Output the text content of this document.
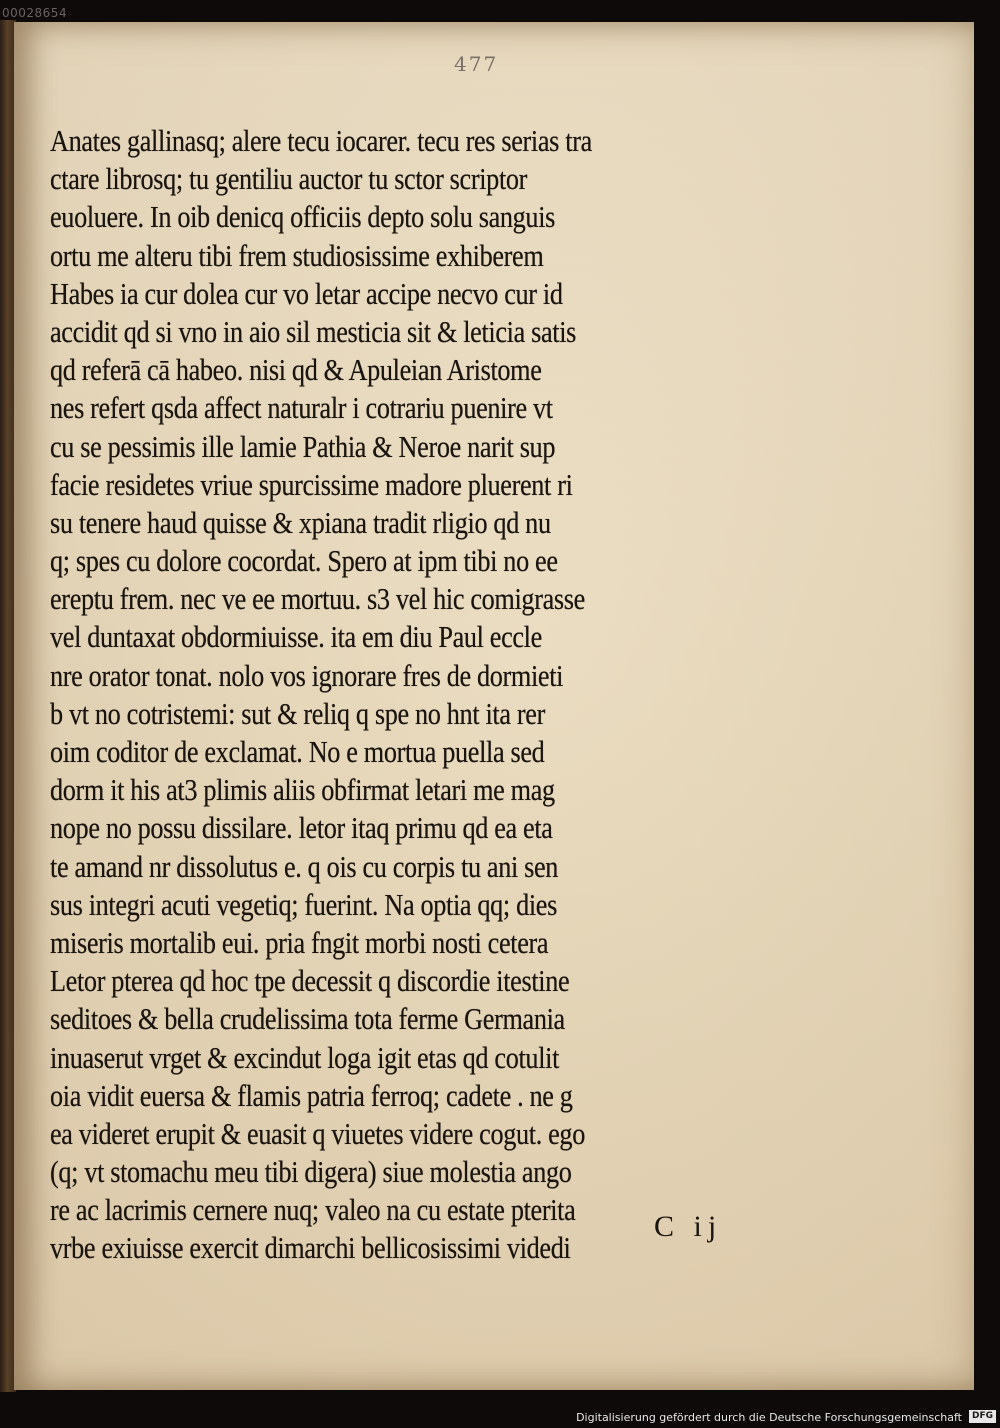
00028654
477
Anates gallinasq; alere tecu iocarer. tecu res serias tra
ctare librosq; tu gentiliu auctor tu sctor scriptor
euoluere. In oib denicq officiis depto solu sanguis
ortu me alteru tibi frem studiosissime exhiberem
Habes ia cur dolea cur vo letar accipe necvo cur id
accidit qd si vno in aio sil mesticia sit & leticia satis
qd referā cā habeo. nisi qd & Apuleian Aristome
nes refert qsda affect naturalr i cotrariu puenire vt
cu se pessimis ille lamie Pathia & Neroe narit sup
facie residetes vriue spurcissime madore pluerent ri
su tenere haud quisse & xpiana tradit rligio qd nu
q; spes cu dolore cocordat. Spero at ipm tibi no ee
ereptu frem. nec ve ee mortuu. s3 vel hic comigrasse
vel duntaxat obdormiuisse. ita em diu Paul eccle
nre orator tonat. nolo vos ignorare fres de dormieti
b vt no cotristemi: sut & reliq q spe no hnt ita rer
oim coditor de exclamat. No e mortua puella sed
dorm it his at3 plimis aliis obfirmat letari me mag
nope no possu dissilare. letor itaq primu qd ea eta
te amand nr dissolutus e. q ois cu corpis tu ani sen
sus integri acuti vegetiq; fuerint. Na optia qq; dies
miseris mortalib eui. pria fngit morbi nosti cetera
Letor pterea qd hoc tpe decessit q discordie itestine
seditoes & bella crudelissima tota ferme Germania
inuaserut vrget & excindut loga igit etas qd cotulit
oia vidit euersa & flamis patria ferroq; cadete . ne g
ea videret erupit & euasit q viuetes videre cogut. ego
(q; vt stomachu meu tibi digera) siue molestia ango
re ac lacrimis cernere nuq; valeo na cu estate pterita
vrbe exiuisse exercit dimarchi bellicosissimi videdi
C ij
Digitalisierung gefördert durch die Deutsche Forschungsgemeinschaft	DFG
